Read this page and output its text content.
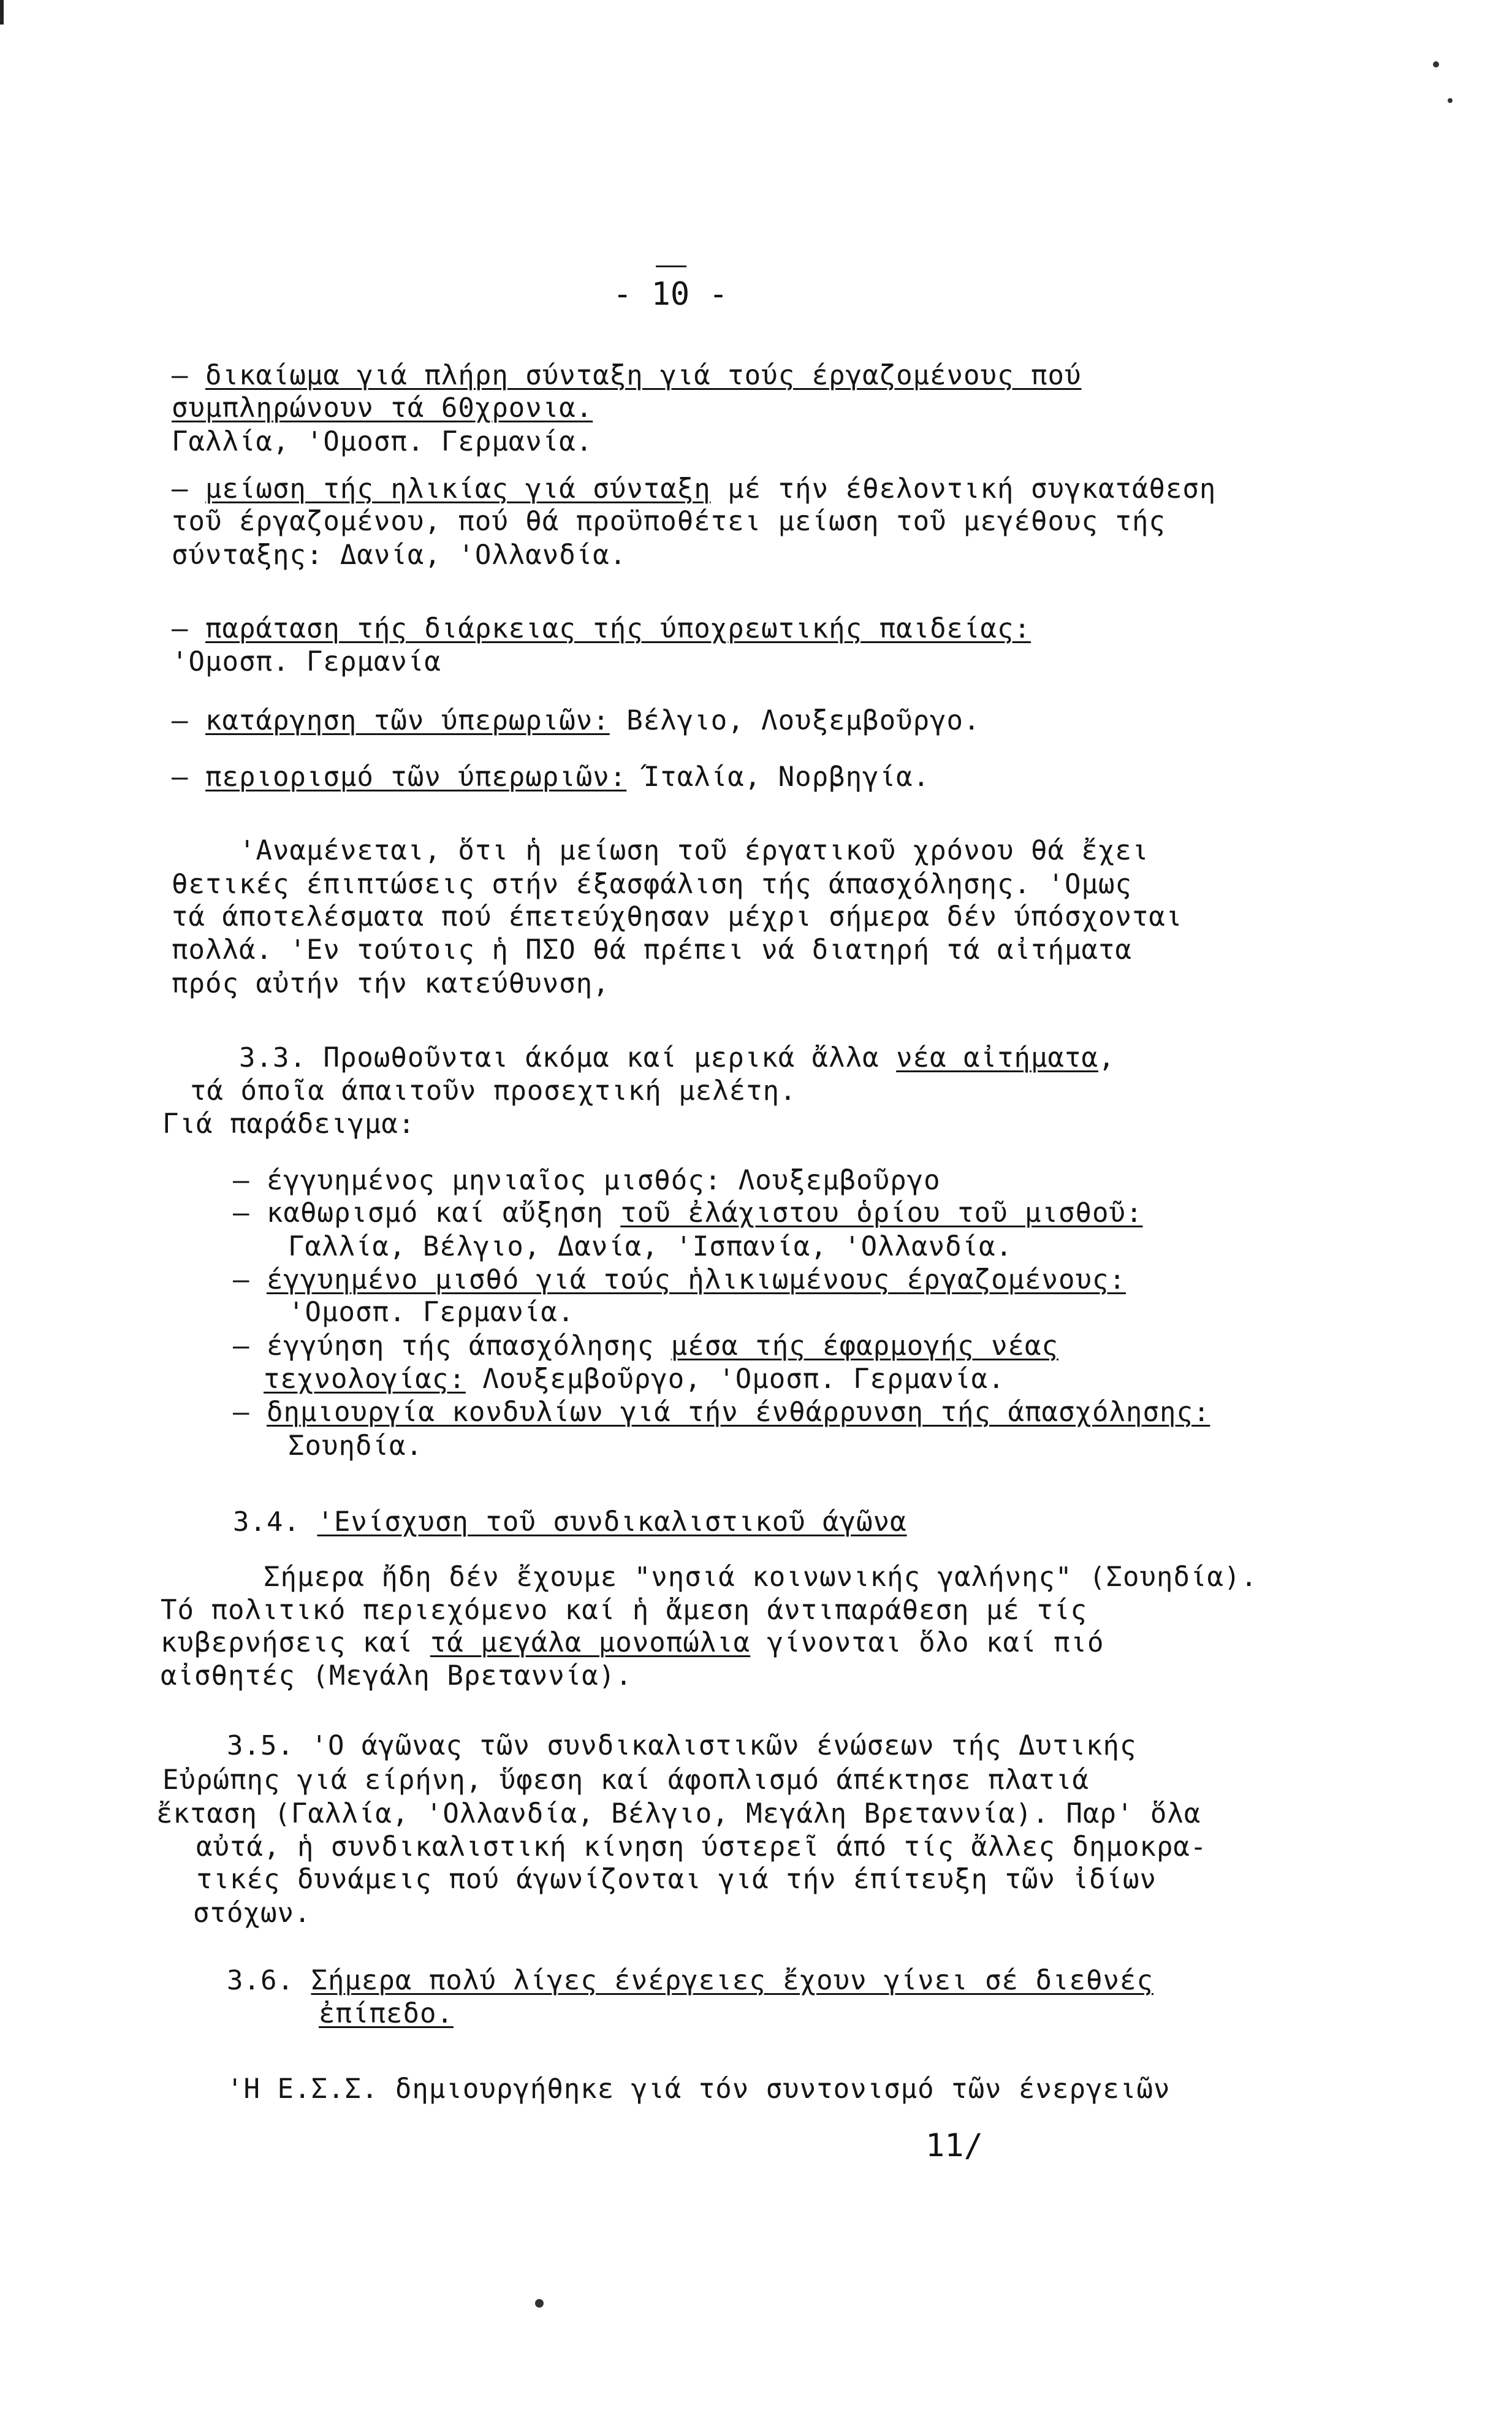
- 10 -
– δικαίωμα γιά πλήρη σύνταξη γιά τούς έργαζομένους πού
συμπληρώνουν τά 60χρονια.
Γαλλία, 'Ομοσπ. Γερμανία.
– μείωση τής ηλικίας γιά σύνταξη μέ τήν έθελοντική συγκατάθεση
τοῦ έργαζομένου, πού θά προϋποθέτει μείωση τοῦ μεγέθους τής
σύνταξης: Δανία, 'Ολλανδία.
– παράταση τής διάρκειας τής ύποχρεωτικής παιδείας:
'Ομοσπ. Γερμανία
– κατάργηση τῶν ύπερωριῶν: Βέλγιο, Λουξεμβοῦργο.
– περιορισμό τῶν ύπερωριῶν: Ίταλία, Νορβηγία.
'Αναμένεται, ὅτι ἡ μείωση τοῦ έργατικοῦ χρόνου θά ἔχει
θετικές έπιπτώσεις στήν έξασφάλιση τής άπασχόλησης. 'Ομως
τά άποτελέσματα πού έπετεύχθησαν μέχρι σήμερα δέν ύπόσχονται
πολλά. 'Εν τούτοις ἡ ΠΣΟ θά πρέπει νά διατηρή τά αἰτήματα
πρός αὐτήν τήν κατεύθυνση,
3.3. Προωθοῦνται άκόμα καί μερικά ἄλλα νέα αἰτήματα,
τά όποῖα άπαιτοῦν προσεχτική μελέτη.
Γιά παράδειγμα:
– έγγυημένος μηνιαῖος μισθός: Λουξεμβοῦργο
– καθωρισμό καί αὔξηση τοῦ ἐλάχιστου ὁρίου τοῦ μισθοῦ:
Γαλλία, Βέλγιο, Δανία, 'Ισπανία, 'Ολλανδία.
– έγγυημένο μισθό γιά τούς ἡλικιωμένους έργαζομένους:
'Ομοσπ. Γερμανία.
– έγγύηση τής άπασχόλησης μέσα τής έφαρμογής νέας
τεχνολογίας: Λουξεμβοῦργο, 'Ομοσπ. Γερμανία.
– δημιουργία κονδυλίων γιά τήν ένθάρρυνση τής άπασχόλησης:
Σουηδία.
3.4. 'Ενίσχυση τοῦ συνδικαλιστικοῦ άγῶνα
Σήμερα ἤδη δέν ἔχουμε "νησιά κοινωνικής γαλήνης" (Σουηδία).
Τό πολιτικό περιεχόμενο καί ἡ ἄμεση άντιπαράθεση μέ τίς
κυβερνήσεις καί τά μεγάλα μονοπώλια γίνονται ὅλο καί πιό
αἰσθητές (Μεγάλη Βρεταννία).
3.5. 'Ο άγῶνας τῶν συνδικαλιστικῶν ένώσεων τής Δυτικής
Εὐρώπης γιά είρήνη, ὕφεση καί άφοπλισμό άπέκτησε πλατιά
ἔκταση (Γαλλία, 'Ολλανδία, Βέλγιο, Μεγάλη Βρεταννία). Παρ' ὅλα
αὐτά, ἡ συνδικαλιστική κίνηση ύστερεῖ άπό τίς ἄλλες δημοκρα-
τικές δυνάμεις πού άγωνίζονται γιά τήν έπίτευξη τῶν ἰδίων
στόχων.
3.6. Σήμερα πολύ λίγες ένέργειες ἔχουν γίνει σέ διεθνές
ἐπίπεδο.
'Η Ε.Σ.Σ. δημιουργήθηκε γιά τόν συντονισμό τῶν ένεργειῶν
11/
